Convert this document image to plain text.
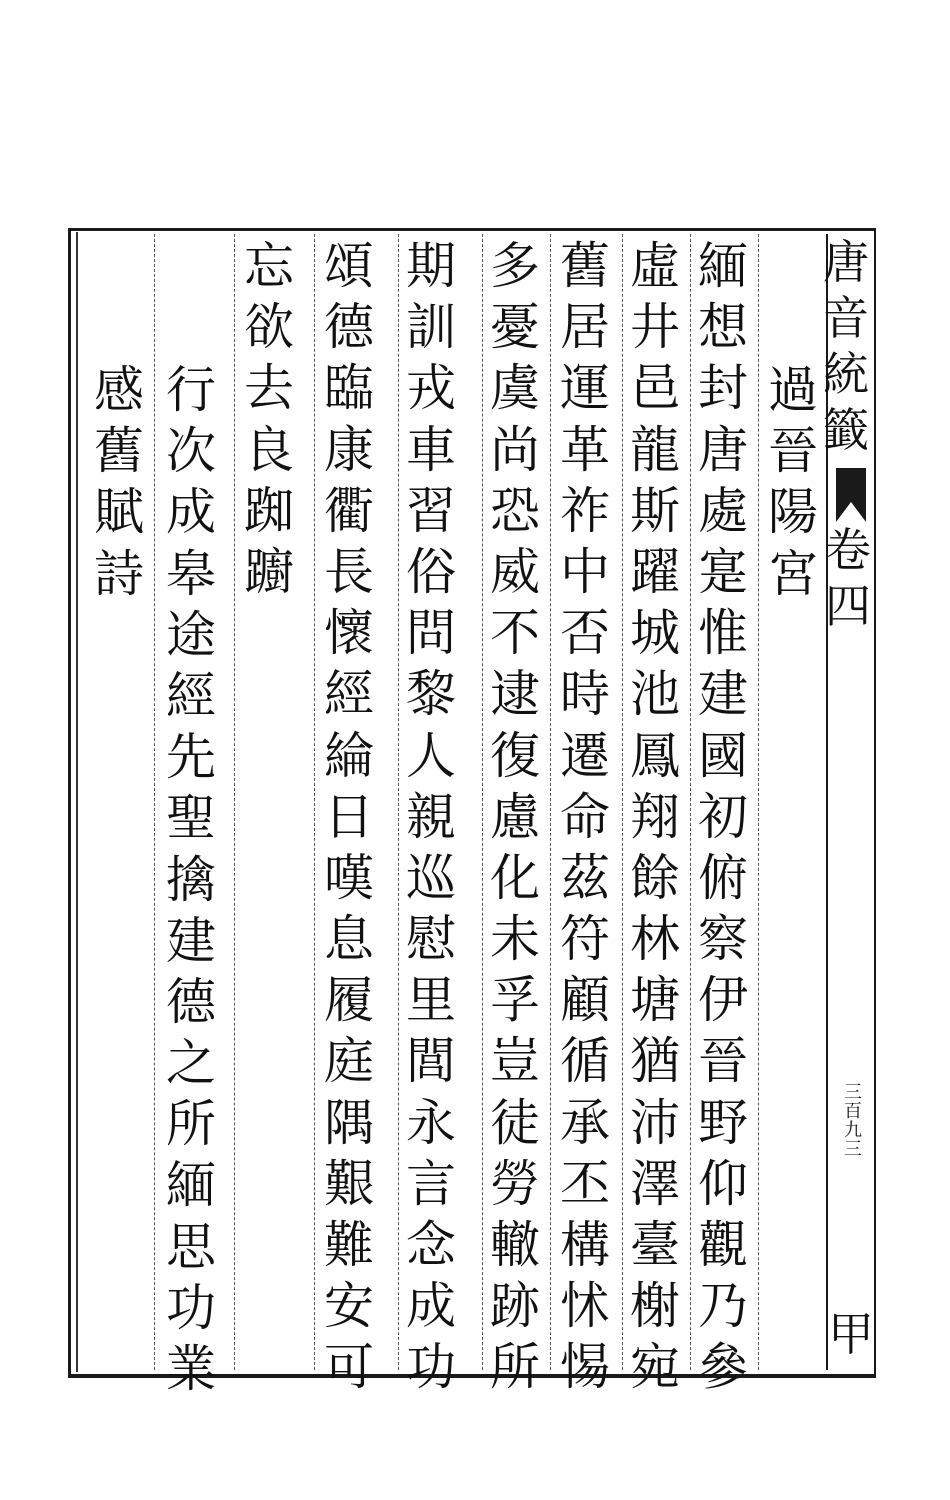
唐
音
統
籤
卷
四
三百九三
甲
過
晉
陽
宮
緬
想
封
唐
處
寔
惟
建
國
初
俯
察
伊
晉
野
仰
觀
乃
參
虛
井
邑
龍
斯
躍
城
池
鳳
翔
餘
林
塘
猶
沛
澤
臺
榭
宛
舊
居
運
革
祚
中
否
時
遷
命
茲
符
顧
循
承
丕
構
怵
惕
多
憂
虞
尚
恐
威
不
逮
復
慮
化
未
孚
豈
徒
勞
轍
跡
所
期
訓
戎
車
習
俗
問
黎
人
親
巡
慰
里
閭
永
言
念
成
功
頌
德
臨
康
衢
長
懷
經
綸
日
嘆
息
履
庭
隅
艱
難
安
可
忘
欲
去
良
踟
躕
行
次
成
皋
途
經
先
聖
擒
建
德
之
所
緬
思
功
業
感
舊
賦
詩
